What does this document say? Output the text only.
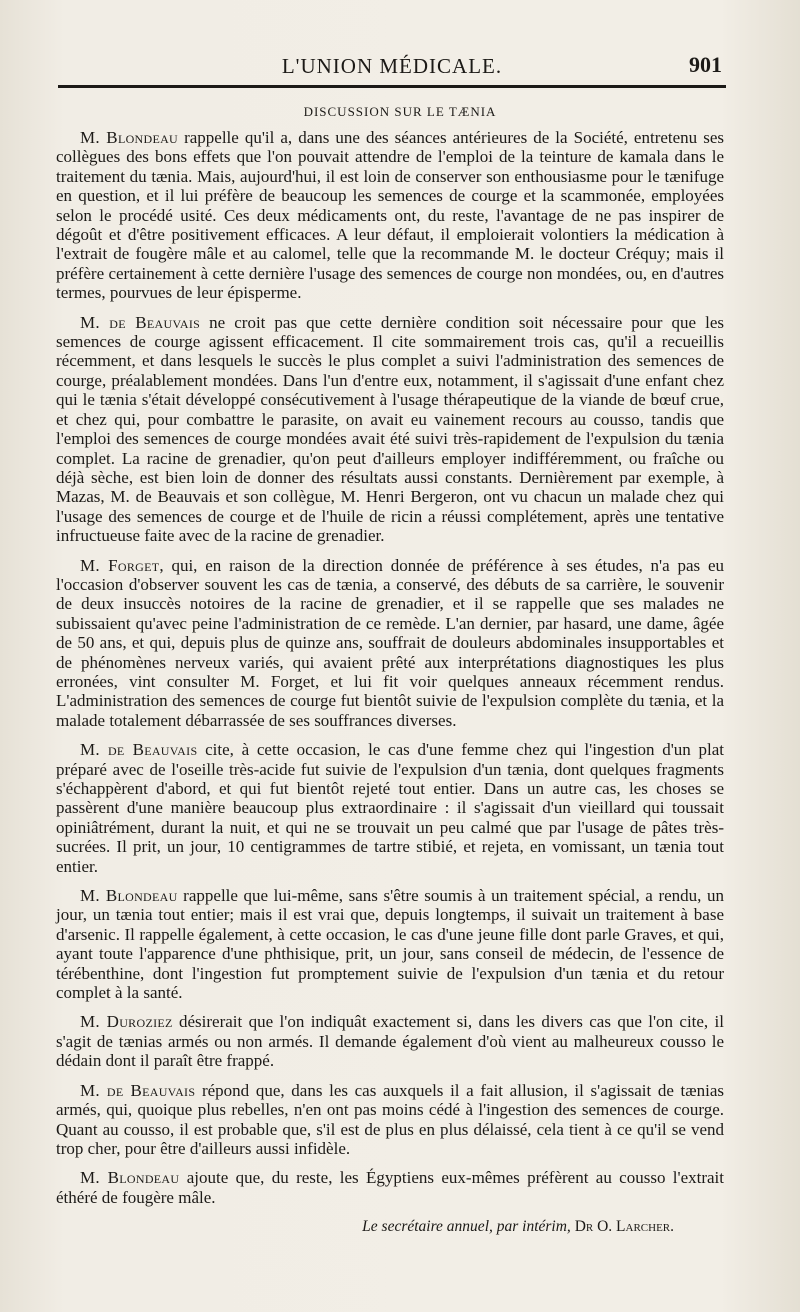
L'UNION MÉDICALE.	901
DISCUSSION SUR LE TÆNIA

M. Blondeau rappelle qu'il a, dans une des séances antérieures de la Société, entretenu ses collègues des bons effets que l'on pouvait attendre de l'emploi de la teinture de kamala dans le traitement du tænia. Mais, aujourd'hui, il est loin de conserver son enthousiasme pour le tænifuge en question, et il lui préfère de beaucoup les semences de courge et la scammonée, employées selon le procédé usité. Ces deux médicaments ont, du reste, l'avantage de ne pas inspirer de dégoût et d'être positivement efficaces. A leur défaut, il emploierait volontiers la médication à l'extrait de fougère mâle et au calomel, telle que la recommande M. le docteur Créquy; mais il préfère certainement à cette dernière l'usage des semences de courge non mondées, ou, en d'autres termes, pourvues de leur épisperme.

M. de Beauvais ne croit pas que cette dernière condition soit nécessaire pour que les semences de courge agissent efficacement. Il cite sommairement trois cas, qu'il a recueillis récemment, et dans lesquels le succès le plus complet a suivi l'administration des semences de courge, préalablement mondées. Dans l'un d'entre eux, notamment, il s'agissait d'une enfant chez qui le tænia s'était développé consécutivement à l'usage thérapeutique de la viande de bœuf crue, et chez qui, pour combattre le parasite, on avait eu vainement recours au cousso, tandis que l'emploi des semences de courge mondées avait été suivi très-rapidement de l'expulsion du tænia complet. La racine de grenadier, qu'on peut d'ailleurs employer indifféremment, ou fraîche ou déjà sèche, est bien loin de donner des résultats aussi constants. Dernièrement par exemple, à Mazas, M. de Beauvais et son collègue, M. Henri Bergeron, ont vu chacun un malade chez qui l'usage des semences de courge et de l'huile de ricin a réussi complétement, après une tentative infructueuse faite avec de la racine de grenadier.

M. Forget, qui, en raison de la direction donnée de préférence à ses études, n'a pas eu l'occasion d'observer souvent les cas de tænia, a conservé, des débuts de sa carrière, le souvenir de deux insuccès notoires de la racine de grenadier, et il se rappelle que ses malades ne subissaient qu'avec peine l'administration de ce remède. L'an dernier, par hasard, une dame, âgée de 50 ans, et qui, depuis plus de quinze ans, souffrait de douleurs abdominales insupportables et de phénomènes nerveux variés, qui avaient prêté aux interprétations diagnostiques les plus erronées, vint consulter M. Forget, et lui fit voir quelques anneaux récemment rendus. L'administration des semences de courge fut bientôt suivie de l'expulsion complète du tænia, et la malade totalement débarrassée de ses souffrances diverses.

M. de Beauvais cite, à cette occasion, le cas d'une femme chez qui l'ingestion d'un plat préparé avec de l'oseille très-acide fut suivie de l'expulsion d'un tænia, dont quelques fragments s'échappèrent d'abord, et qui fut bientôt rejeté tout entier. Dans un autre cas, les choses se passèrent d'une manière beaucoup plus extraordinaire : il s'agissait d'un vieillard qui toussait opiniâtrément, durant la nuit, et qui ne se trouvait un peu calmé que par l'usage de pâtes très-sucrées. Il prit, un jour, 10 centigrammes de tartre stibié, et rejeta, en vomissant, un tænia tout entier.

M. Blondeau rappelle que lui-même, sans s'être soumis à un traitement spécial, a rendu, un jour, un tænia tout entier; mais il est vrai que, depuis longtemps, il suivait un traitement à base d'arsenic. Il rappelle également, à cette occasion, le cas d'une jeune fille dont parle Graves, et qui, ayant toute l'apparence d'une phthisique, prit, un jour, sans conseil de médecin, de l'essence de térébenthine, dont l'ingestion fut promptement suivie de l'expulsion d'un tænia et du retour complet à la santé.

M. Duroziez désirerait que l'on indiquât exactement si, dans les divers cas que l'on cite, il s'agit de tænias armés ou non armés. Il demande également d'où vient au malheureux cousso le dédain dont il paraît être frappé.

M. de Beauvais répond que, dans les cas auxquels il a fait allusion, il s'agissait de tænias armés, qui, quoique plus rebelles, n'en ont pas moins cédé à l'ingestion des semences de courge. Quant au cousso, il est probable que, s'il est de plus en plus délaissé, cela tient à ce qu'il se vend trop cher, pour être d'ailleurs aussi infidèle.

M. Blondeau ajoute que, du reste, les Égyptiens eux-mêmes préfèrent au cousso l'extrait éthéré de fougère mâle.

Le secrétaire annuel, par intérim, Dr O. Larcher.
